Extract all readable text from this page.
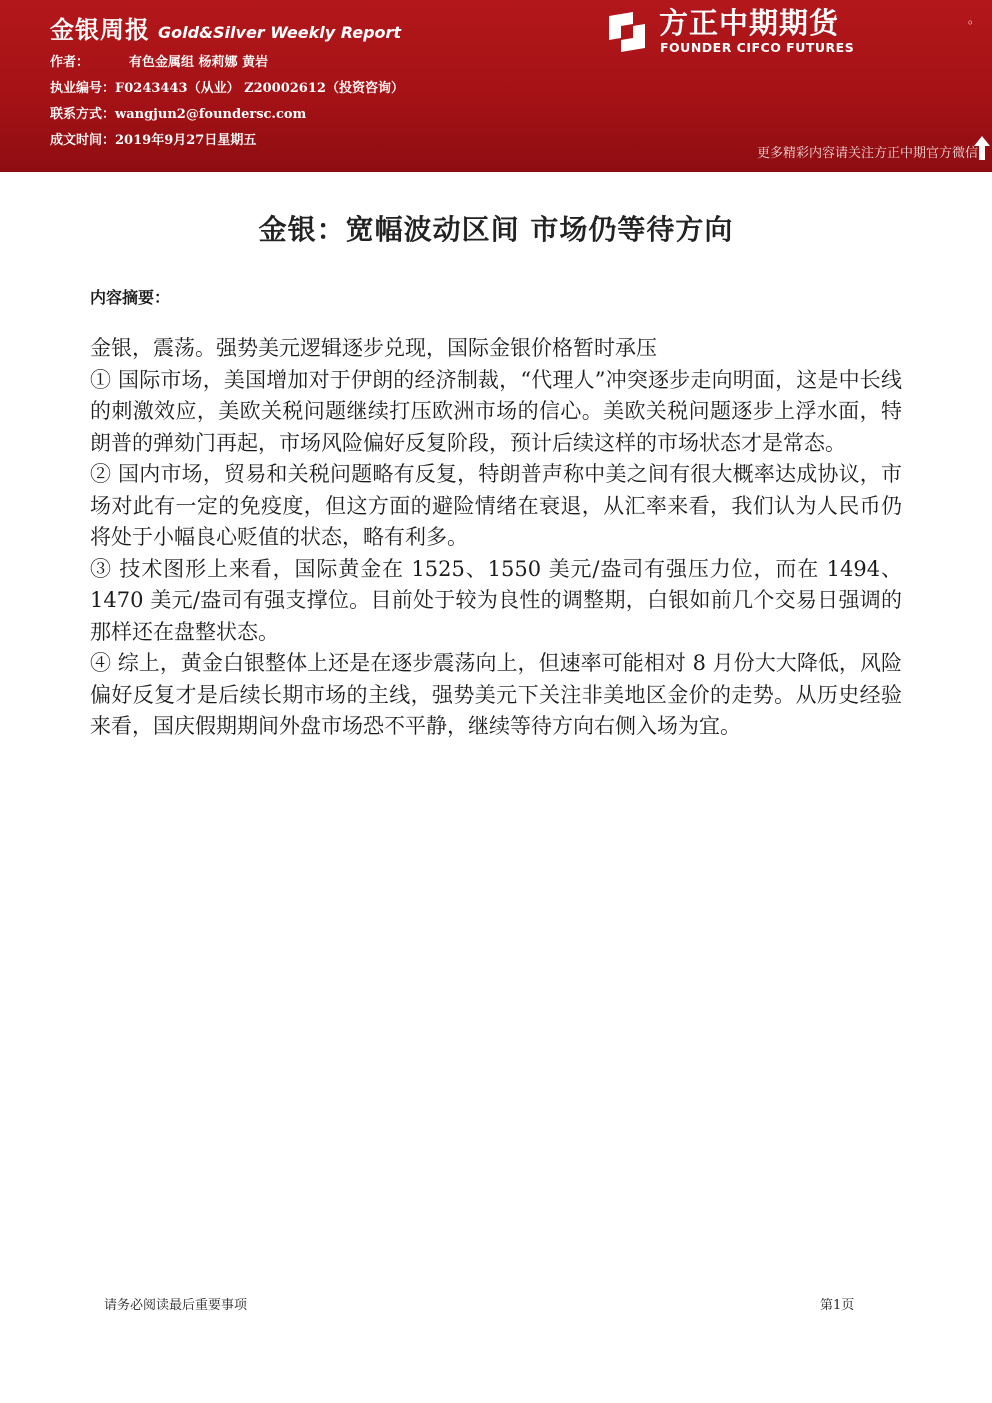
金银周报 Gold&Silver Weekly Report
作者：	有色金属组 杨莉娜 黄岩
执业编号：F0243443（从业） Z20002612（投资咨询）
联系方式：wangjun2@foundersc.com
成文时间：2019年9月27日星期五
方正中期期货
FOUNDER CIFCO FUTURES
。
更多精彩内容请关注方正中期官方微信
金银：宽幅波动区间 市场仍等待方向
内容摘要：

金银，震荡。强势美元逻辑逐步兑现，国际金银价格暂时承压

① 国际市场，美国增加对于伊朗的经济制裁，“代理人”冲突逐步走向明面，这是中长线的刺激效应，美欧关税问题继续打压欧洲市场的信心。美欧关税问题逐步上浮水面，特朗普的弹劾门再起，市场风险偏好反复阶段，预计后续这样的市场状态才是常态。

② 国内市场，贸易和关税问题略有反复，特朗普声称中美之间有很大概率达成协议，市场对此有一定的免疫度，但这方面的避险情绪在衰退，从汇率来看，我们认为人民币仍将处于小幅良心贬值的状态，略有利多。

③ 技术图形上来看，国际黄金在 1525、1550 美元/盎司有强压力位，而在 1494、1470 美元/盎司有强支撑位。目前处于较为良性的调整期，白银如前几个交易日强调的那样还在盘整状态。

④ 综上，黄金白银整体上还是在逐步震荡向上，但速率可能相对 8 月份大大降低，风险偏好反复才是后续长期市场的主线，强势美元下关注非美地区金价的走势。从历史经验来看，国庆假期期间外盘市场恐不平静，继续等待方向右侧入场为宜。

请务必阅读最后重要事项	第1页
